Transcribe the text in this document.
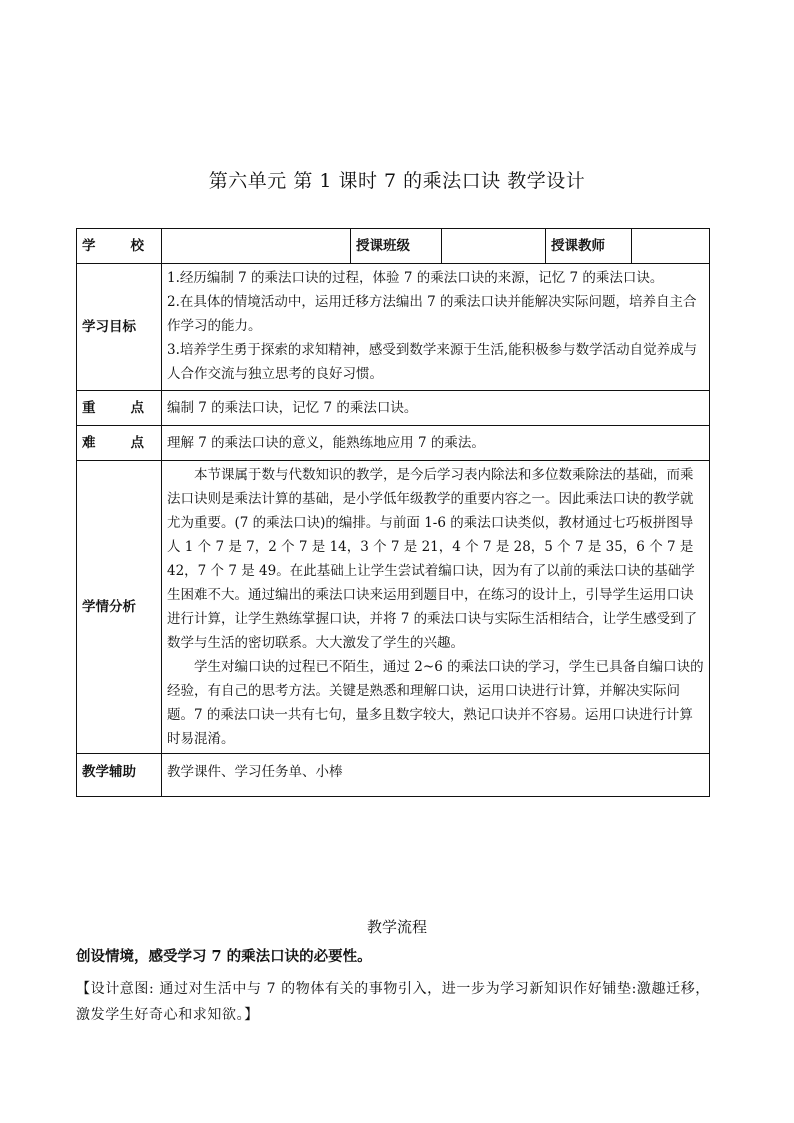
第六单元 第 1 课时 7 的乘法口诀 教学设计
学 校		授课班级		授课教师	
学习目标	1.经历编制 7 的乘法口诀的过程，体验 7 的乘法口诀的来源，记忆 7 的乘法口诀。

2.在具体的情境活动中，运用迁移方法编出 7 的乘法口诀并能解决实际问题，培养自主合作学习的能力。

3.培养学生勇于探索的求知精神，感受到数学来源于生活,能积极参与数学活动自觉养成与人合作交流与独立思考的良好习惯。				

重 点	编制 7 的乘法口诀，记忆 7 的乘法口诀。				

难 点	理解 7 的乘法口诀的意义，能熟练地应用 7 的乘法。				
学情分析	本节课属于数与代数知识的教学，是今后学习表内除法和多位数乘除法的基础，而乘法口诀则是乘法计算的基础，是小学低年级教学的重要内容之一。因此乘法口诀的教学就尤为重要。(7 的乘法口诀)的编排。与前面 1-6 的乘法口诀类似，教材通过七巧板拼图导人 1 个 7 是 7，2 个 7 是 14，3 个 7 是 21，4 个 7 是 28，5 个 7 是 35，6 个 7 是 42，7 个 7 是 49。在此基础上让学生尝试着编口诀，因为有了以前的乘法口诀的基础学生困难不大。通过编出的乘法口诀来运用到题目中，在练习的设计上，引导学生运用口诀进行计算，让学生熟练掌握口诀，并将 7 的乘法口诀与实际生活相结合，让学生感受到了数学与生活的密切联系。大大激发了学生的兴趣。

学生对编口诀的过程已不陌生，通过 2~6 的乘法口诀的学习，学生已具备自编口诀的经验，有自己的思考方法。关键是熟悉和理解口诀，运用口诀进行计算，并解决实际问题。7 的乘法口诀一共有七句，量多且数字较大，熟记口诀并不容易。运用口诀进行计算时易混淆。				

教学辅助	教学课件、学习任务单、小棒				
教学流程
创设情境，感受学习 7 的乘法口诀的必要性。
【设计意图: 通过对生活中与 7 的物体有关的事物引入，进一步为学习新知识作好铺垫:激趣迁移，激发学生好奇心和求知欲。】
